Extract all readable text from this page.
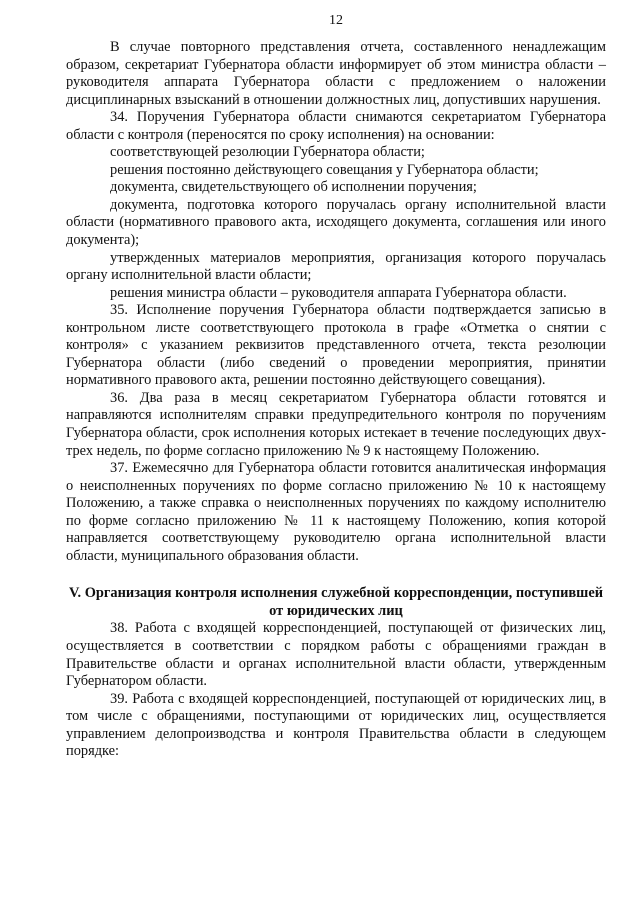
12

В случае повторного представления отчета, составленного ненадлежащим образом, секретариат Губернатора области информирует об этом министра области – руководителя аппарата Губернатора области с предложением о наложении дисциплинарных взысканий в отношении должностных лиц, допустивших нарушения.

34. Поручения Губернатора области снимаются секретариатом Губернатора области с контроля (переносятся по сроку исполнения) на основании:

соответствующей резолюции Губернатора области;

решения постоянно действующего совещания у Губернатора области;

документа, свидетельствующего об исполнении поручения;

документа, подготовка которого поручалась органу исполнительной власти области (нормативного правового акта, исходящего документа, соглашения или иного документа);

утвержденных материалов мероприятия, организация которого поручалась органу исполнительной власти области;

решения министра области – руководителя аппарата Губернатора области.

35. Исполнение поручения Губернатора области подтверждается записью в контрольном листе соответствующего протокола в графе «Отметка о снятии с контроля» с указанием реквизитов представленного отчета, текста резолюции Губернатора области (либо сведений о проведении мероприятия, принятии нормативного правового акта, решении постоянно действующего совещания).

36. Два раза в месяц секретариатом Губернатора области готовятся и направляются исполнителям справки предупредительного контроля по поручениям Губернатора области, срок исполнения которых истекает в течение последующих двух-трех недель, по форме согласно приложению № 9 к настоящему Положению.

37. Ежемесячно для Губернатора области готовится аналитическая информация о неисполненных поручениях по форме согласно приложению № 10 к настоящему Положению, а также справка о неисполненных поручениях по каждому исполнителю по форме согласно приложению № 11 к настоящему Положению, копия которой направляется соответствующему руководителю органа исполнительной власти области, муниципального образования области.

V. Организация контроля исполнения служебной корреспонденции, поступившей от юридических лиц

38. Работа с входящей корреспонденцией, поступающей от физических лиц, осуществляется в соответствии с порядком работы с обращениями граждан в Правительстве области и органах исполнительной власти области, утвержденным Губернатором области.

39. Работа с входящей корреспонденцией, поступающей от юридических лиц, в том числе с обращениями, поступающими от юридических лиц, осуществляется управлением делопроизводства и контроля Правительства области в следующем порядке:
